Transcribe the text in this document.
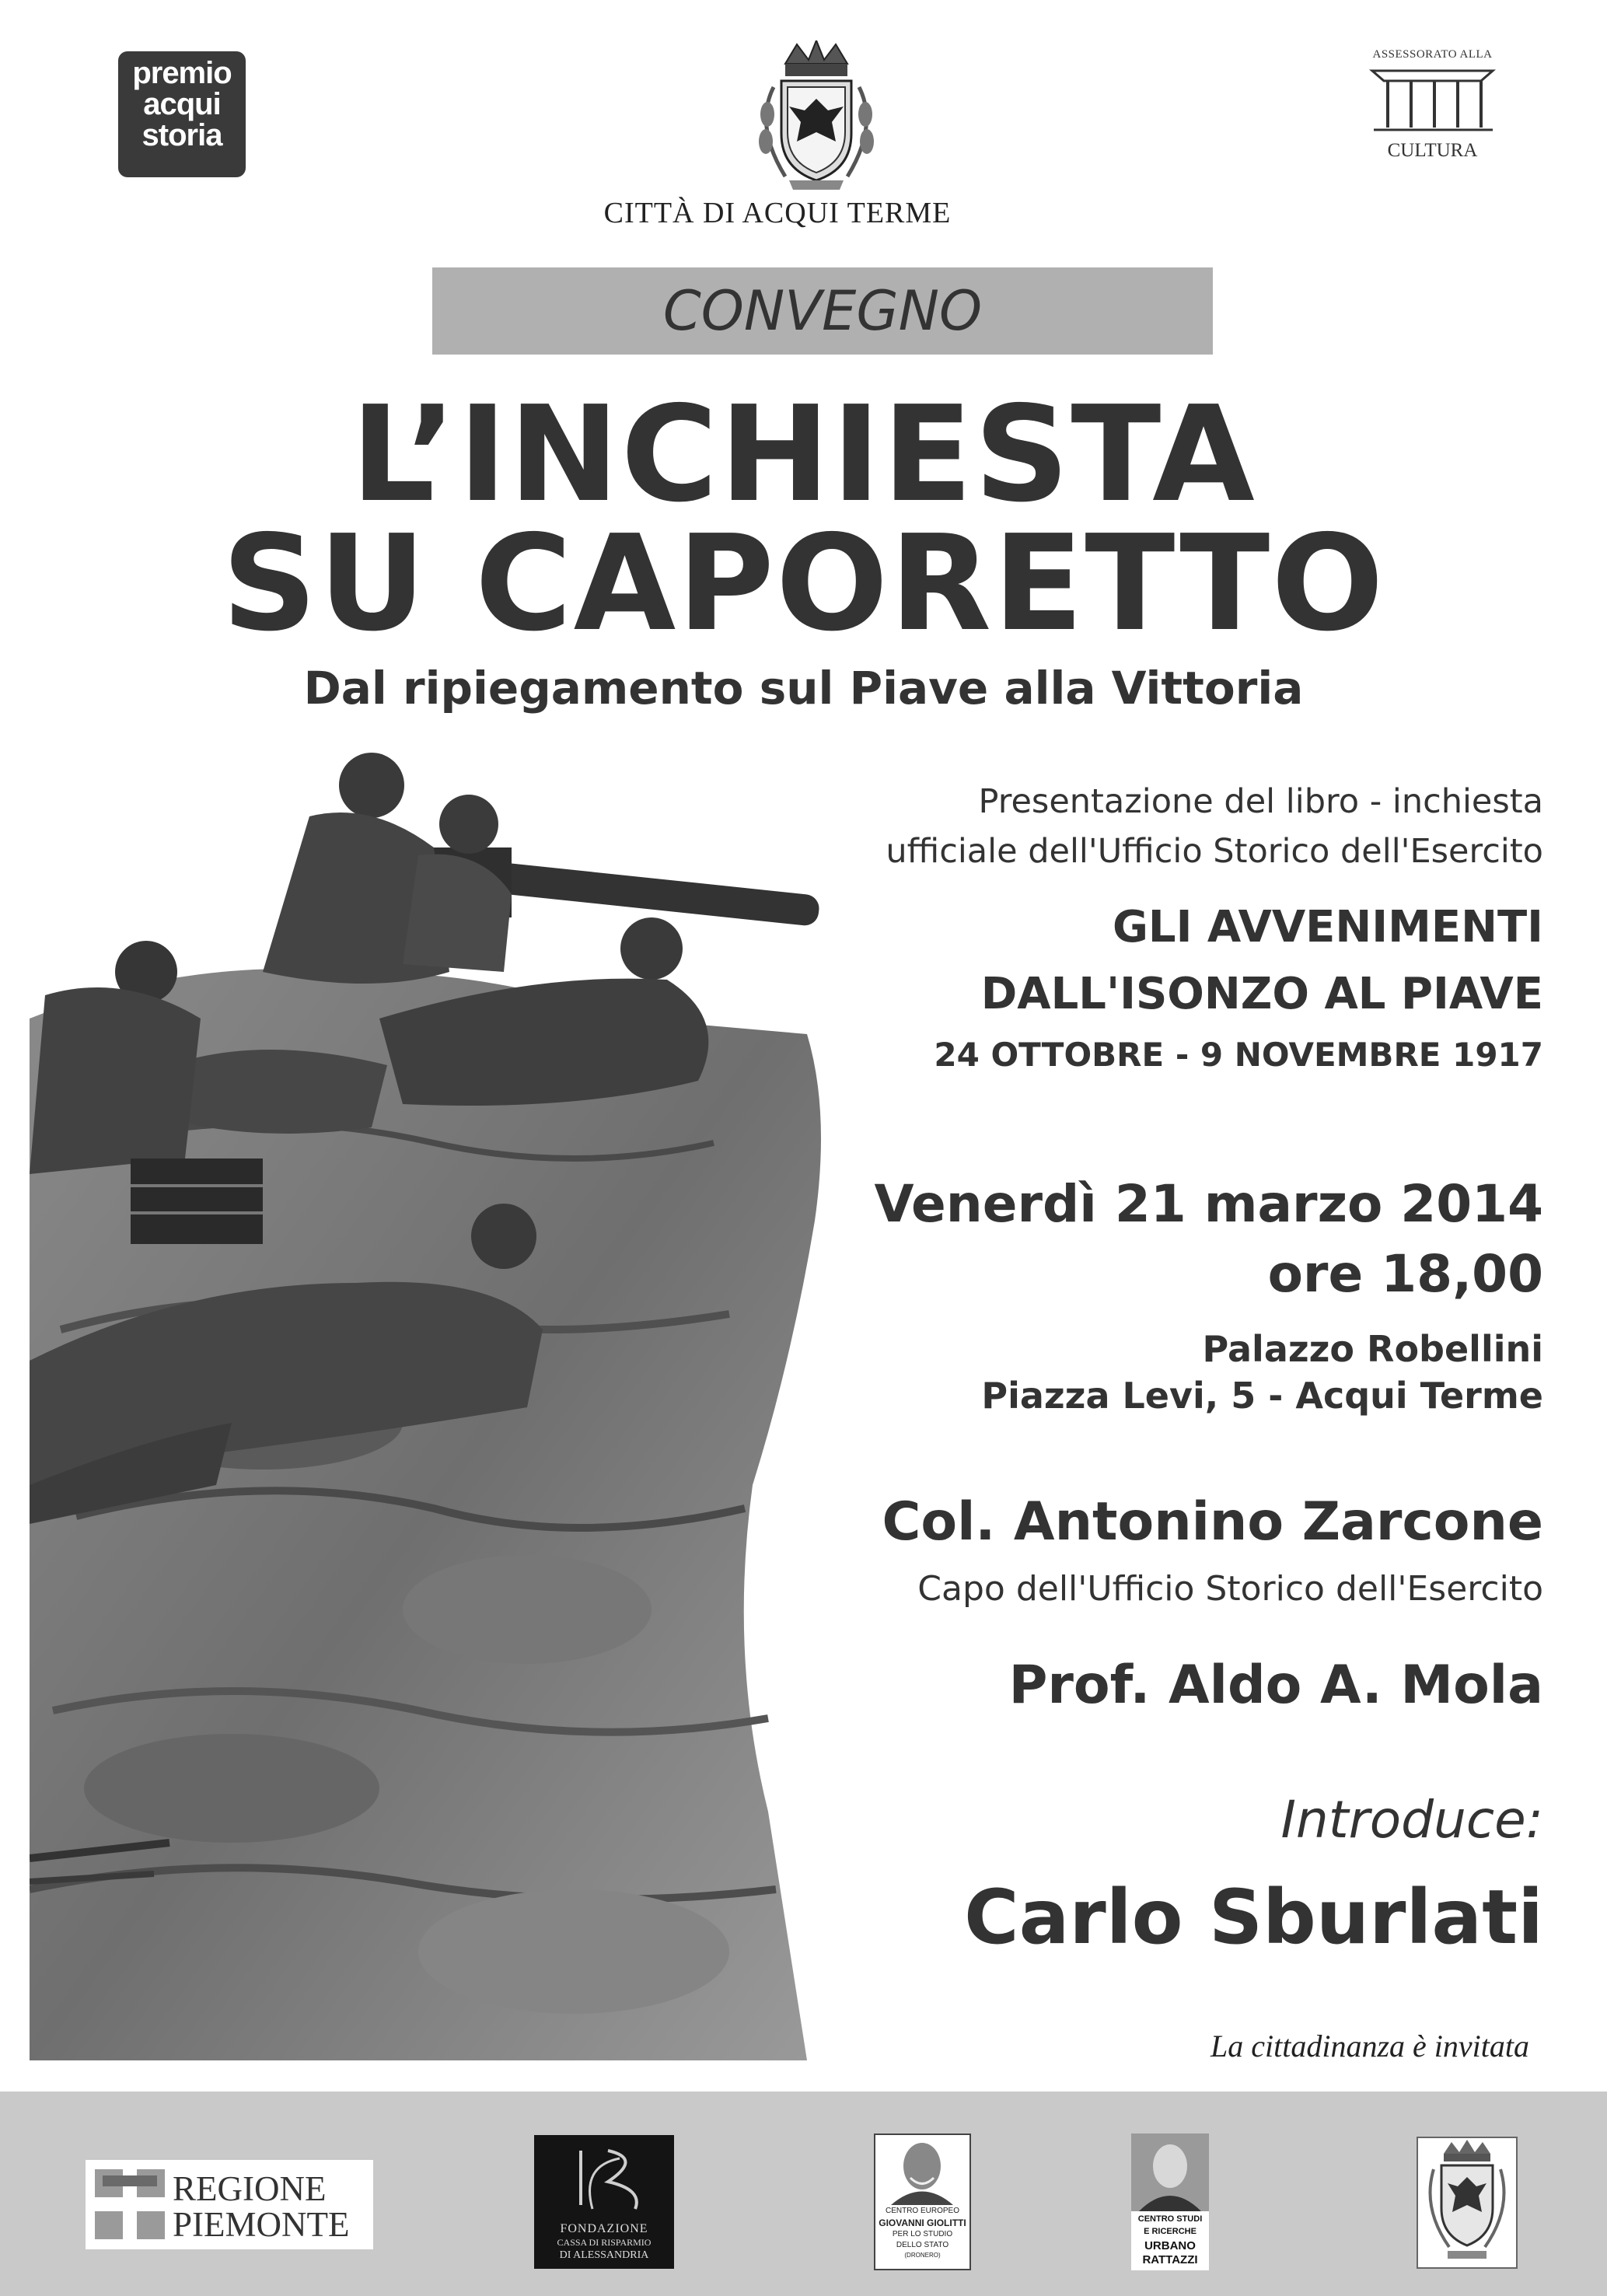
premio
acqui
storia
CITTÀ DI ACQUI TERME
ASSESSORATO ALLA
CULTURA
CONVEGNO
L’INCHIESTA
SU CAPORETTO
Dal ripiegamento sul Piave alla Vittoria
Presentazione del libro - inchiesta
ufficiale dell'Ufficio Storico dell'Esercito
GLI AVVENIMENTI
DALL'ISONZO AL PIAVE
24 OTTOBRE - 9 NOVEMBRE 1917
Venerdì 21 marzo 2014
ore 18,00
Palazzo Robellini
Piazza Levi, 5 - Acqui Terme
Col. Antonino Zarcone
Capo dell'Ufficio Storico dell'Esercito
Prof. Aldo A. Mola
Introduce:
Carlo Sburlati
La cittadinanza è invitata
REGIONE
PIEMONTE	FONDAZIONE
CASSA DI RISPARMIO
DI ALESSANDRIA
CENTRO EUROPEO
GIOVANNI GIOLITTI
PER LO STUDIO
DELLO STATO
(DRONERO)
CENTRO STUDI
E RICERCHE
URBANO
RATTAZZI
